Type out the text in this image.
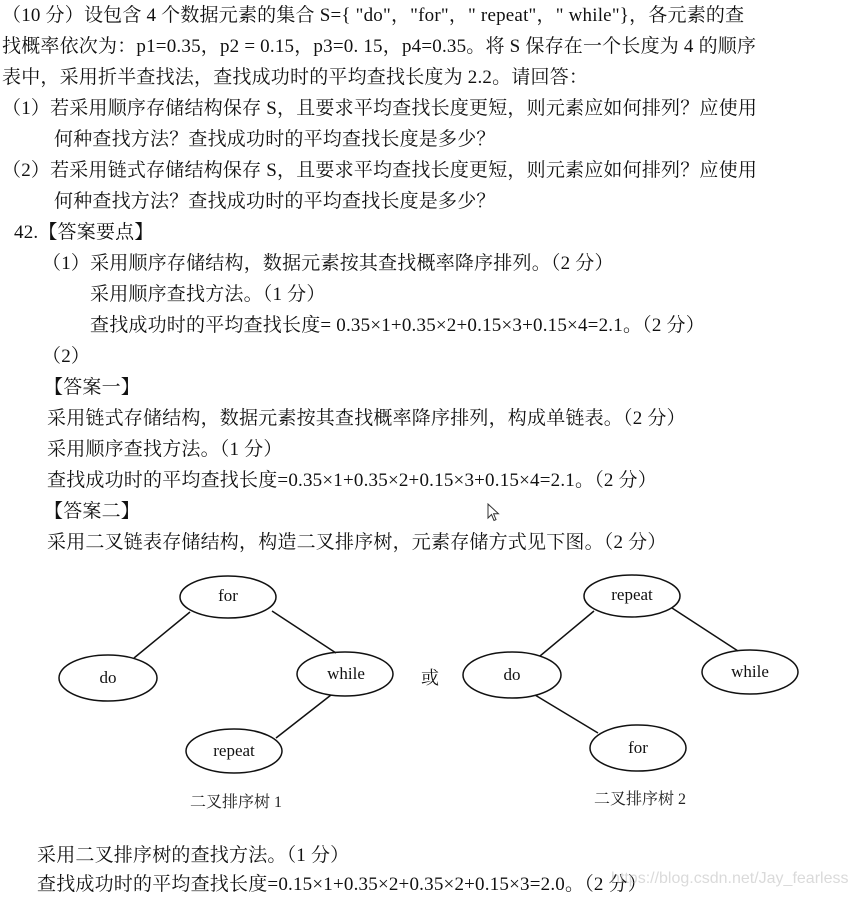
（10 分）设包含 4 个数据元素的集合 S={ "do"，"for"，" repeat"，" while"}，各元素的查
找概率依次为：p1=0.35，p2 = 0.15，p3=0. 15，p4=0.35。将 S 保存在一个长度为 4 的顺序
表中，采用折半查找法，查找成功时的平均查找长度为 2.2。请回答：
（1）若采用顺序存储结构保存 S，且要求平均查找长度更短，则元素应如何排列？应使用
何种查找方法？查找成功时的平均查找长度是多少？
（2）若采用链式存储结构保存 S，且要求平均查找长度更短，则元素应如何排列？应使用
何种查找方法？查找成功时的平均查找长度是多少？
42.【答案要点】
（1）采用顺序存储结构，数据元素按其查找概率降序排列。（2 分）
采用顺序查找方法。（1 分）
查找成功时的平均查找长度= 0.35×1+0.35×2+0.15×3+0.15×4=2.1。（2 分）
（2）
【答案一】
采用链式存储结构，数据元素按其查找概率降序排列，构成单链表。（2 分）
采用顺序查找方法。（1 分）
查找成功时的平均查找长度=0.35×1+0.35×2+0.15×3+0.15×4=2.1。（2 分）
【答案二】
采用二叉链表存储结构，构造二叉排序树，元素存储方式见下图。（2 分）
for
do	while
repeat
二叉排序树 1
或
repeat
do	while
for
二叉排序树 2
采用二叉排序树的查找方法。（1 分）
查找成功时的平均查找长度=0.15×1+0.35×2+0.35×2+0.15×3=2.0。（2 分）
https://blog.csdn.net/Jay_fearless
